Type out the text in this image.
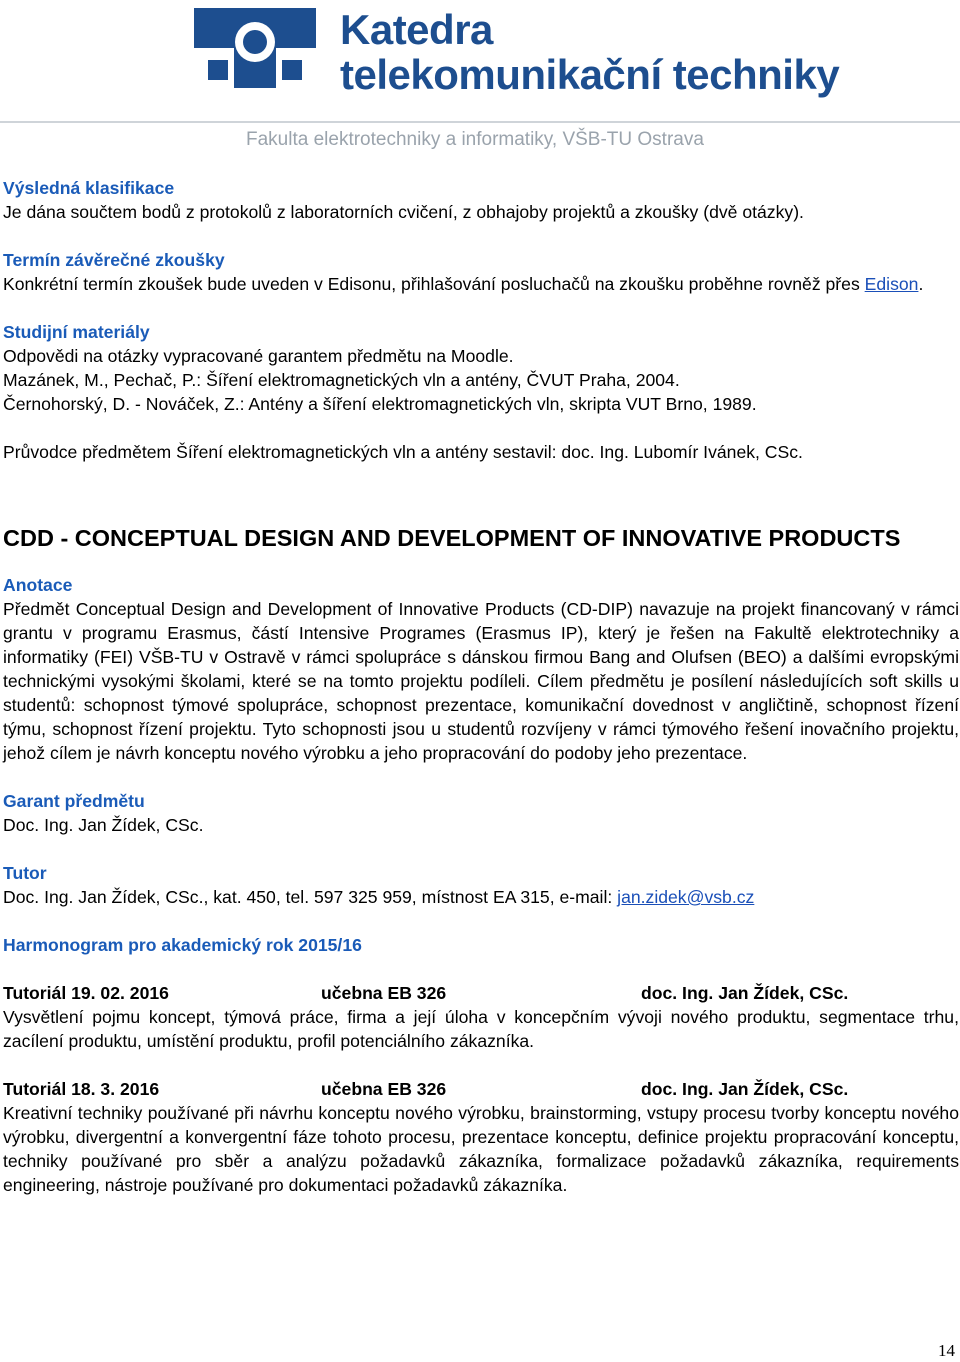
Katedra
telekomunikační techniky
Fakulta elektrotechniky a informatiky, VŠB-TU Ostrava
Výsledná klasifikace

Je dána součtem bodů z protokolů z laboratorních cvičení, z obhajoby projektů a zkoušky (dvě otázky).

Termín závěrečné zkoušky

Konkrétní termín zkoušek bude uveden v Edisonu, přihlašování posluchačů na zkoušku proběhne rovněž přes Edison.

Studijní materiály

Odpovědi na otázky vypracované garantem předmětu na Moodle.

Mazánek, M., Pechač, P.: Šíření elektromagnetických vln a antény, ČVUT Praha, 2004.

Černohorský, D. - Nováček, Z.: Antény a šíření elektromagnetických vln, skripta VUT Brno, 1989.

Průvodce předmětem Šíření elektromagnetických vln a antény sestavil: doc. Ing. Lubomír Ivánek, CSc.

CDD - CONCEPTUAL DESIGN AND DEVELOPMENT OF INNOVATIVE PRODUCTS
Anotace

Předmět Conceptual Design and Development of Innovative Products (CD-DIP) navazuje na projekt financovaný v rámci grantu v programu Erasmus, částí Intensive Programes (Erasmus IP), který je řešen na Fakultě elektrotechniky a informatiky (FEI) VŠB-TU v Ostravě v rámci spolupráce s dánskou firmou Bang and Olufsen (BEO) a dalšími evropskými technickými vysokými školami, které se na tomto projektu podíleli. Cílem předmětu je posílení následujících soft skills u studentů: schopnost týmové spolupráce, schopnost prezentace, komunikační dovednost v angličtině, schopnost řízení týmu, schopnost řízení projektu. Tyto schopnosti jsou u studentů rozvíjeny v rámci týmového řešení inovačního projektu, jehož cílem je návrh konceptu nového výrobku a jeho propracování do podoby jeho prezentace.

Garant předmětu

Doc. Ing. Jan Žídek, CSc.

Tutor

Doc. Ing. Jan Žídek, CSc., kat. 450, tel. 597 325 959, místnost EA 315, e-mail: jan.zidek@vsb.cz

Harmonogram pro akademický rok 2015/16
Tutoriál 19. 02. 2016	učebna EB 326	doc. Ing. Jan Žídek, CSc.

Vysvětlení pojmu koncept, týmová práce, firma a její úloha v koncepčním vývoji nového produktu, segmentace trhu, zacílení produktu, umístění produktu, profil potenciálního zákazníka.

Tutoriál 18. 3. 2016	učebna EB 326	doc. Ing. Jan Žídek, CSc.

Kreativní techniky používané při návrhu konceptu nového výrobku, brainstorming, vstupy procesu tvorby konceptu nového výrobku, divergentní a konvergentní fáze tohoto procesu, prezentace konceptu, definice projektu propracování konceptu, techniky používané pro sběr a analýzu požadavků zákazníka, formalizace požadavků zákazníka, requirements engineering, nástroje používané pro dokumentaci požadavků zákazníka.

14
